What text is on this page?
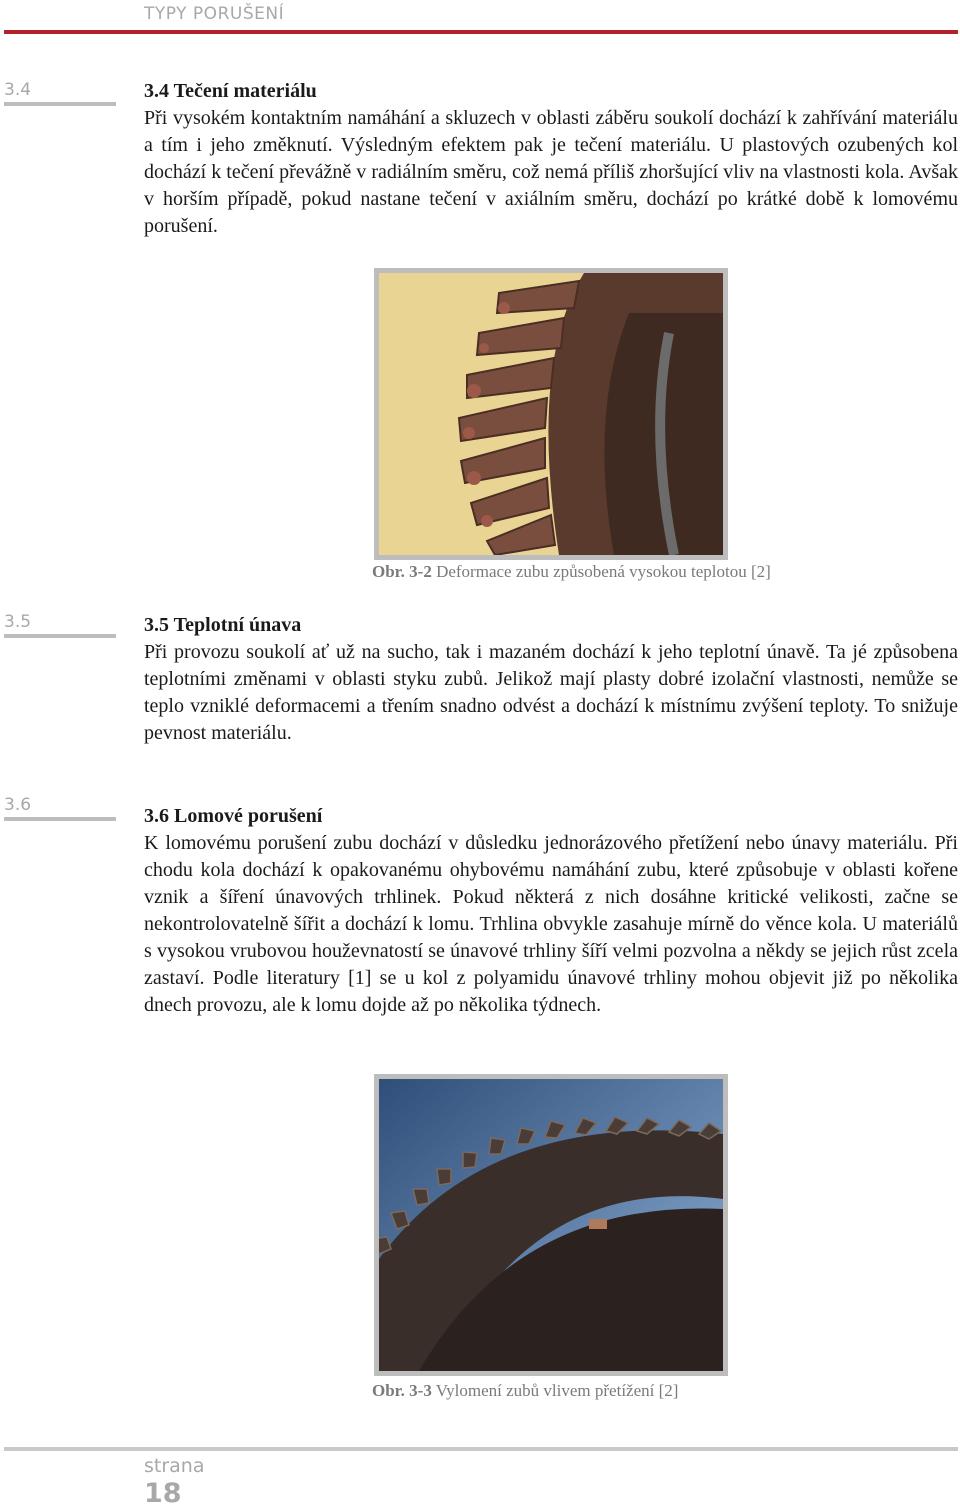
TYPY PORUŠENÍ
3.4	3.4 Tečení materiálu

Při vysokém kontaktním namáhání a skluzech v oblasti záběru soukolí dochází k zahřívání materiálu a tím i jeho změknutí. Výsledným efektem pak je tečení materiálu. U plastových ozubených kol dochází k tečení převážně v radiálním směru, což nemá příliš zhoršující vliv na vlastnosti kola. Avšak v horším případě, pokud nastane tečení v axiálním směru, dochází po krátké době k lomovému porušení.

Obr. 3-2 Deformace zubu způsobená vysokou teplotou [2]
3.5	3.5 Teplotní únava

Při provozu soukolí ať už na sucho, tak i mazaném dochází k jeho teplotní únavě. Ta jé způsobena teplotními změnami v oblasti styku zubů. Jelikož mají plasty dobré izolační vlastnosti, nemůže se teplo vzniklé deformacemi a třením snadno odvést a dochází k místnímu zvýšení teploty. To snižuje pevnost materiálu.

3.6	3.6 Lomové porušení

K lomovému porušení zubu dochází v důsledku jednorázového přetížení nebo únavy materiálu. Při chodu kola dochází k opakovanému ohybovému namáhání zubu, které způsobuje v oblasti kořene vznik a šíření únavových trhlinek. Pokud některá z nich dosáhne kritické velikosti, začne se nekontrolovatelně šířit a dochází k lomu. Trhlina obvykle zasahuje mírně do věnce kola. U materiálů s vysokou vrubovou houževnatostí se únavové trhliny šíří velmi pozvolna a někdy se jejich růst zcela zastaví. Podle literatury [1] se u kol z polyamidu únavové trhliny mohou objevit již po několika dnech provozu, ale k lomu dojde až po několika týdnech.

Obr. 3-3 Vylomení zubů vlivem přetížení [2]
strana
18
